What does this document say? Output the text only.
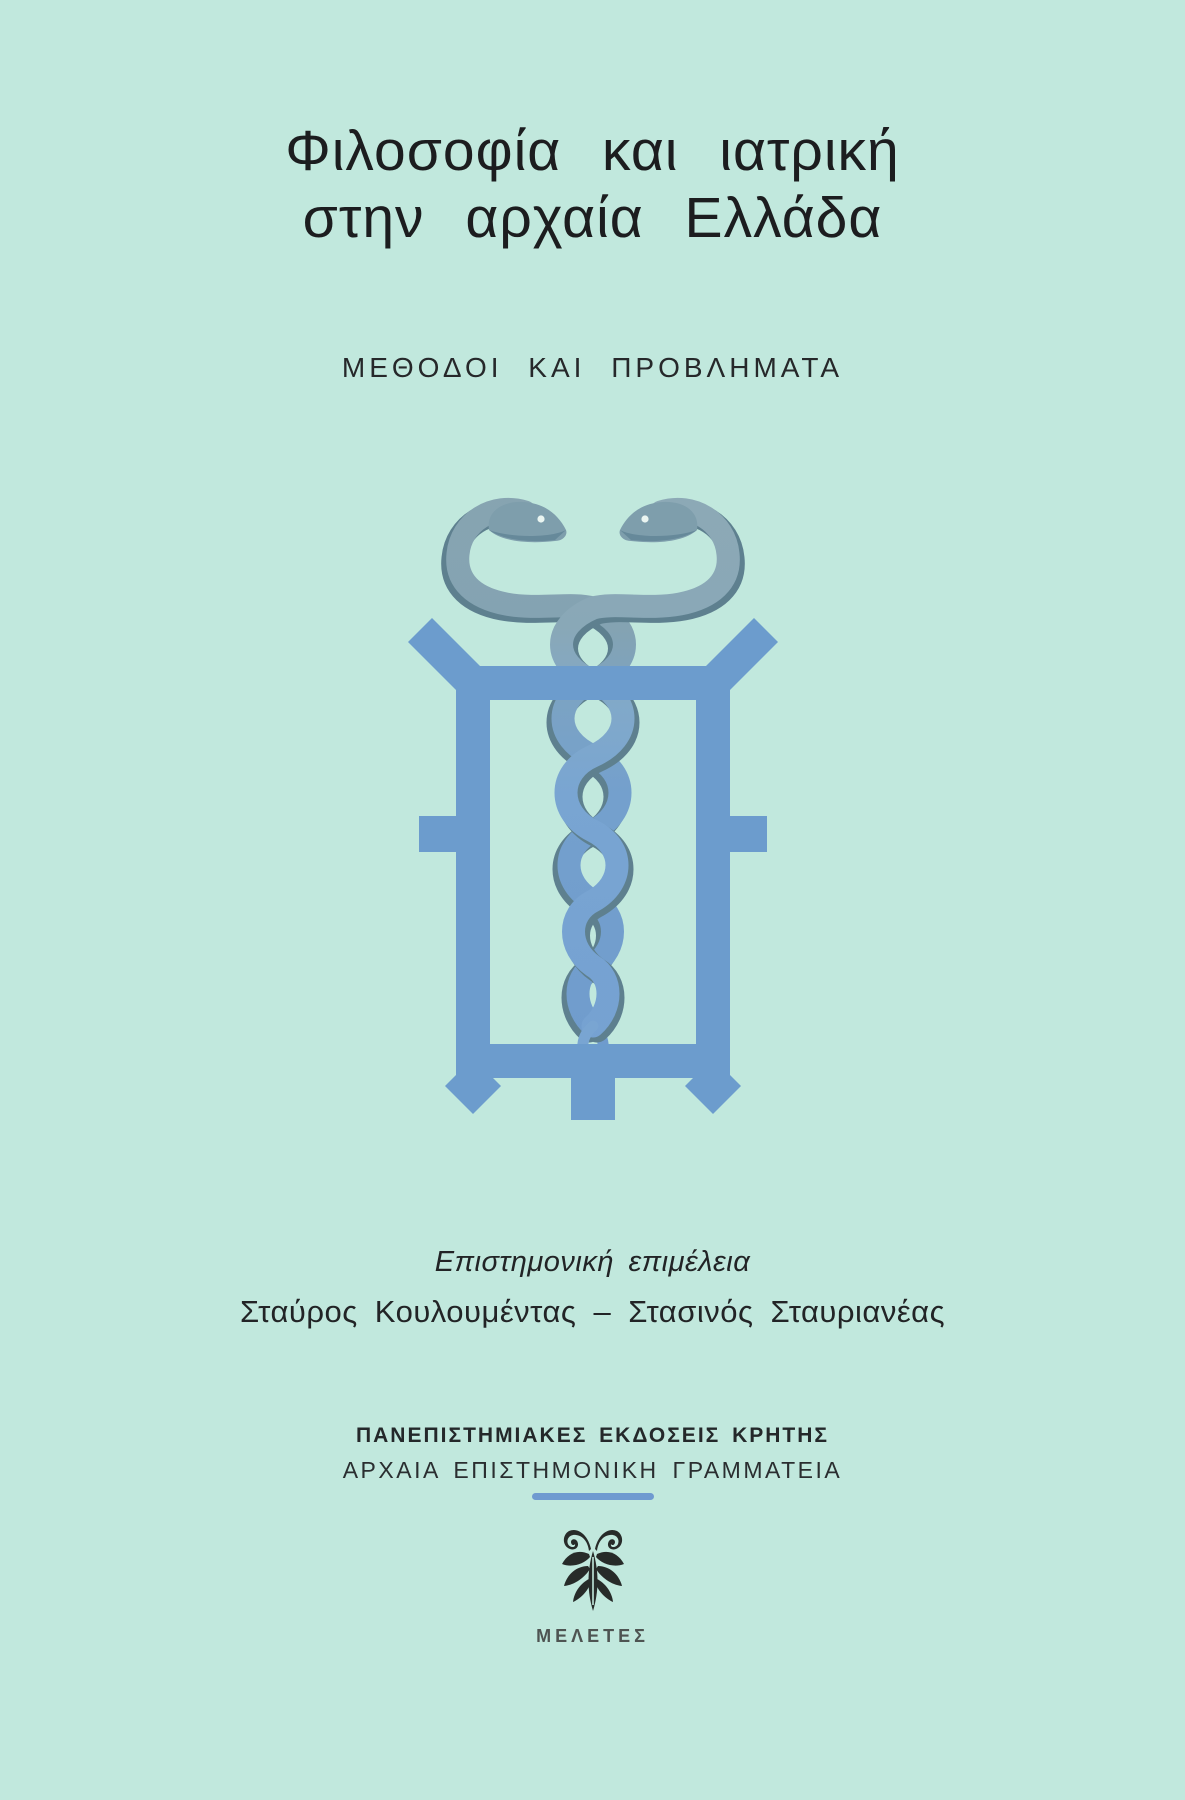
Φιλοσοφία και ιατρική
στην αρχαία Ελλάδα
ΜΕΘΟΔΟΙ ΚΑΙ ΠΡΟΒΛΗΜΑΤΑ
Επιστημονική επιμέλεια
Σταύρος Κουλουμέντας – Στασινός Σταυριανέας
ΠΑΝΕΠΙΣΤΗΜΙΑΚΕΣ ΕΚΔΟΣΕΙΣ ΚΡΗΤΗΣ
ΑΡΧΑΙΑ ΕΠΙΣΤΗΜΟΝΙΚΗ ΓΡΑΜΜΑΤΕΙΑ
ΜΕΛΕΤΕΣ
